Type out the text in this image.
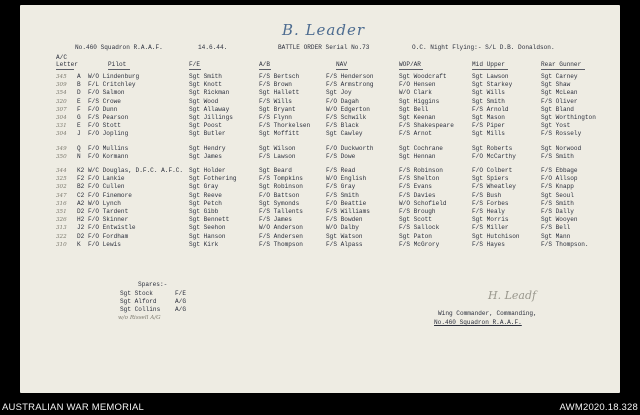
B. Leader
No.460 Squadron R.A.A.F.	14.6.44.	BATTLE ORDER Serial No.73	O.C. Night Flying:- S/L D.B. Donaldson.
A/C
Letter	Pilot	F/E	A/B	NAV	WOP/AR	Mid Upper	Rear Gunner
345 A W/O Lindenburg	Sgt Smith	F/S Bertsch	F/S Henderson	Sgt Woodcraft	Sgt Lawson	Sgt Carney
309 B F/L Critchley	Sgt Knott	F/S Brown	F/S Armstrong	F/O Hensen	Sgt Starkey	Sgt Shaw
354 D F/O Salmon	Sgt Rickman	Sgt Hallett	Sgt Joy	W/O Clark	Sgt Wills	Sgt McLean
320 E F/S Crowe	Sgt Wood	F/S Wills	F/O Dagah	Sgt Higgins	Sgt Smith	F/S Oliver
307 F F/O Dunn	Sgt Allaway	Sgt Bryant	W/O Edgerton	Sgt Bell	F/S Arnold	Sgt Bland
304 G F/S Pearson	Sgt Jillings	F/S Flynn	F/S Schwilk	Sgt Keenan	Sgt Mason	Sgt Worthington
331 E F/O Stott	Sgt Poost	F/S Thorkelsen	F/S Black	F/S Shakespeare	F/S Piper	Sgt Yost
304 J F/O Jopling	Sgt Butler	Sgt Moffitt	Sgt Cawley	F/S Arnot	Sgt Mills	F/S Rossely
349 Q F/O Mullins	Sgt Hendry	Sgt Wilson	F/O Duckworth	Sgt Cochrane	Sgt Roberts	Sgt Norwood
350 N F/O Kormann	Sgt James	F/S Lawson	F/S Dowe	Sgt Hennan	F/O McCarthy	F/S Smith
344 K2 W/C Douglas, D.F.C. A.F.C. Sgt Holder	Sgt Beard	F/S Read	F/S Robinson	F/O Colbert	F/S Ebbage
325 F2 F/O Lankie	Sgt Fothering	F/S Tompkins	W/O English	F/S Shelton	Sgt Spiers	F/O Allsop
302 B2 F/O Cullen	Sgt Gray	Sgt Robinson	F/S Gray	F/S Evans	F/S Wheatley	F/S Knapp
347 C2 F/O Finemore	Sgt Reeve	F/O Battson	F/S Smith	F/S Davies	F/S Bush	Sgt Seoul
316 A2 W/O Lynch	Sgt Petch	Sgt Symonds	F/O Beattie	W/O Schofield	F/S Forbes	F/S Smith
351 D2 F/O Tardent	Sgt Gibb	F/S Tallents	F/S Williams	F/S Brough	F/S Healy	F/S Dally
326 H2 F/O Skinner	Sgt Bennett	F/S James	F/S Bowden	Sgt Scott	Sgt Morris	Sgt Wooyen
313 J2 F/O Entwistle	Sgt Seehon	W/O Anderson	W/O Dalby	F/S Sallock	F/S Miller	F/S Bell
322 D2 F/O Fordham	Sgt Hanson	F/S Andersen	Sgt Watson	Sgt Paton	Sgt Hutchison	Sgt Mann
310 K F/O Lewis	Sgt Kirk	F/S Thompson	F/S Alpass	F/S McGrory	F/S Hayes	F/S Thompson.
Spares:-
Sgt Stock	F/E
Sgt Alford	A/G
Sgt Collins A/G
w/o Rissell A/G
H. Leadf
Wing Commander, Commanding,
No.460 Squadron R.A.A.F.
AUSTRALIAN WAR MEMORIAL	AWM2020.18.328
